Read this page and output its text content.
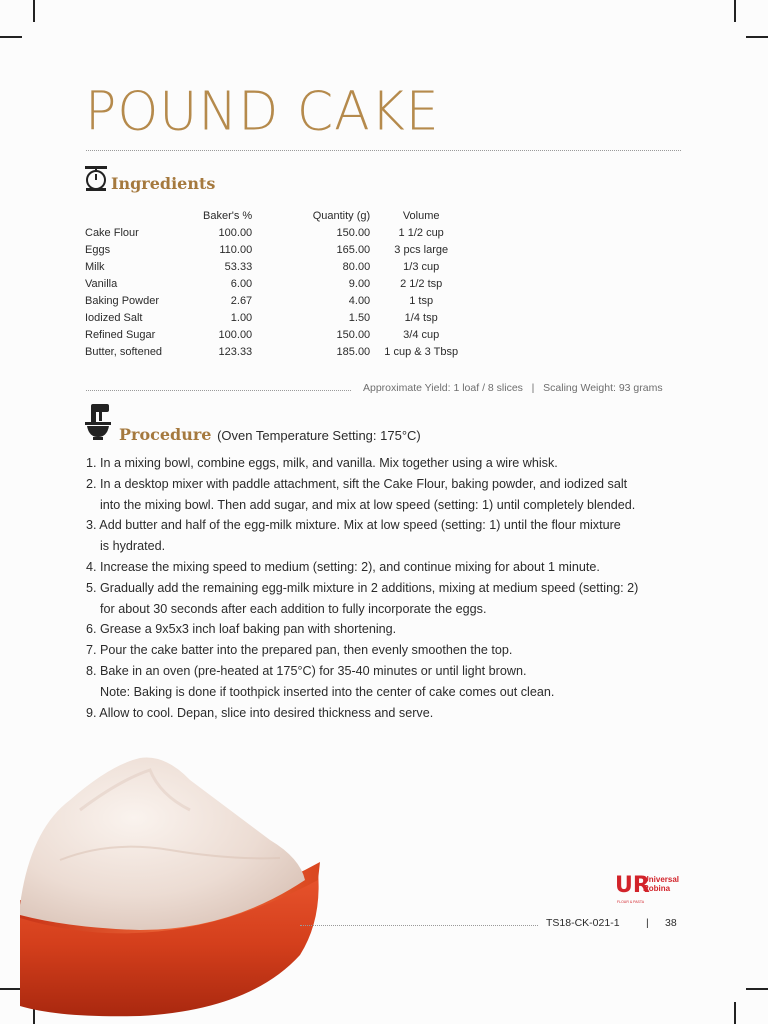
POUND CAKE
Ingredients
	Baker's %	Quantity (g)	Volume
Cake Flour	100.00	150.00	1 1/2 cup
Eggs	110.00	165.00	3 pcs large
Milk	53.33	80.00	1/3 cup
Vanilla	6.00	9.00	2 1/2 tsp
Baking Powder	2.67	4.00	1 tsp
Iodized Salt	1.00	1.50	1/4 tsp
Refined Sugar	100.00	150.00	3/4 cup
Butter, softened	123.33	185.00	1 cup & 3 Tbsp
Approximate Yield: 1 loaf / 8 slices   |   Scaling Weight: 93 grams
Procedure (Oven Temperature Setting: 175°C)
1. In a mixing bowl, combine eggs, milk, and vanilla. Mix together using a wire whisk.
2. In a desktop mixer with paddle attachment, sift the Cake Flour, baking powder, and iodized salt
into the mixing bowl. Then add sugar, and mix at low speed (setting: 1) until completely blended.
3. Add butter and half of the egg-milk mixture. Mix at low speed (setting: 1) until the flour mixture
is hydrated.
4. Increase the mixing speed to medium (setting: 2), and continue mixing for about 1 minute.
5. Gradually add the remaining egg-milk mixture in 2 additions, mixing at medium speed (setting: 2)
for about 30 seconds after each addition to fully incorporate the eggs.
6. Grease a 9x5x3 inch loaf baking pan with shortening.
7. Pour the cake batter into the prepared pan, then evenly smoothen the top.
8. Bake in an oven (pre-heated at 175°C) for 35-40 minutes or until light brown.
Note: Baking is done if toothpick inserted into the center of cake comes out clean.
9. Allow to cool. Depan, slice into desired thickness and serve.
TS18-CK-021-1	| 38
UR
Universal
Robina
FLOUR & PASTA
